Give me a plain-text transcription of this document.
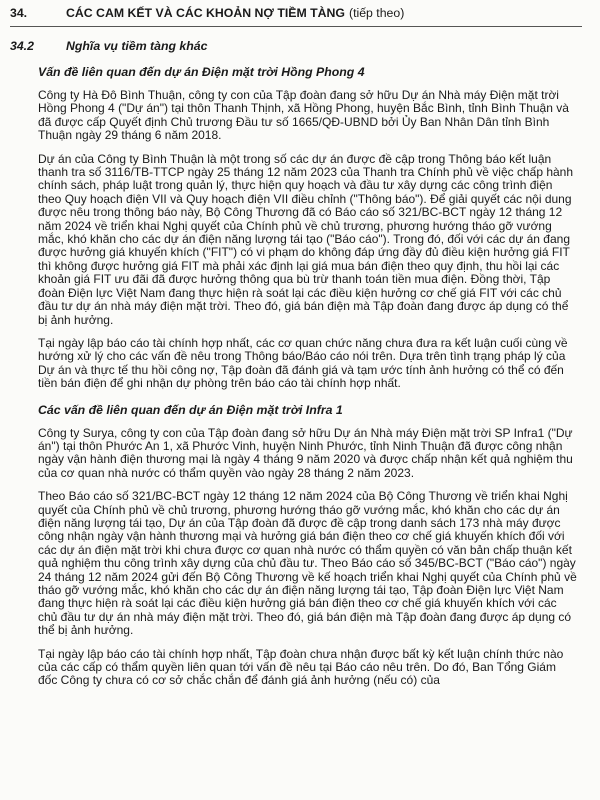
34.	CÁC CAM KẾT VÀ CÁC KHOẢN NỢ TIỀM TÀNG (tiếp theo)
34.2	Nghĩa vụ tiềm tàng khác
Vấn đề liên quan đến dự án Điện mặt trời Hồng Phong 4

Công ty Hà Đô Bình Thuận, công ty con của Tập đoàn đang sở hữu Dự án Nhà máy Điện mặt trời Hồng Phong 4 ("Dự án") tại thôn Thanh Thịnh, xã Hồng Phong, huyện Bắc Bình, tỉnh Bình Thuận và đã được cấp Quyết định Chủ trương Đầu tư số 1665/QĐ-UBND bởi Ủy Ban Nhân Dân tỉnh Bình Thuận ngày 29 tháng 6 năm 2018.

Dự án của Công ty Bình Thuận là một trong số các dự án được đề cập trong Thông báo kết luận thanh tra số 3116/TB-TTCP ngày 25 tháng 12 năm 2023 của Thanh tra Chính phủ về việc chấp hành chính sách, pháp luật trong quản lý, thực hiện quy hoạch và đầu tư xây dựng các công trình điện theo Quy hoạch điện VII và Quy hoạch điện VII điều chỉnh ("Thông báo"). Để giải quyết các nội dung được nêu trong thông báo này, Bộ Công Thương đã có Báo cáo số 321/BC-BCT ngày 12 tháng 12 năm 2024 về triển khai Nghị quyết của Chính phủ về chủ trương, phương hướng tháo gỡ vướng mắc, khó khăn cho các dự án điện năng lượng tái tạo ("Báo cáo"). Trong đó, đối với các dự án đang được hưởng giá khuyến khích ("FIT") có vi phạm do không đáp ứng đầy đủ điều kiện hưởng giá FIT thì không được hưởng giá FIT mà phải xác định lại giá mua bán điện theo quy định, thu hồi lại các khoản giá FIT ưu đãi đã được hưởng thông qua bù trừ thanh toán tiền mua điện. Đồng thời, Tập đoàn Điện lực Việt Nam đang thực hiện rà soát lại các điều kiện hưởng cơ chế giá FIT với các chủ đầu tư dự án nhà máy điện mặt trời. Theo đó, giá bán điện mà Tập đoàn đang được áp dụng có thể bị ảnh hưởng.

Tại ngày lập báo cáo tài chính hợp nhất, các cơ quan chức năng chưa đưa ra kết luận cuối cùng về hướng xử lý cho các vấn đề nêu trong Thông báo/Báo cáo nói trên. Dựa trên tình trạng pháp lý của Dự án và thực tế thu hồi công nợ, Tập đoàn đã đánh giá và tạm ước tính ảnh hưởng có thể có đến tiền bán điện để ghi nhận dự phòng trên báo cáo tài chính hợp nhất.

Các vấn đề liên quan đến dự án Điện mặt trời Infra 1

Công ty Surya, công ty con của Tập đoàn đang sở hữu Dự án Nhà máy Điện mặt trời SP Infra1 ("Dự án") tại thôn Phước An 1, xã Phước Vinh, huyện Ninh Phước, tỉnh Ninh Thuận đã được công nhận ngày vận hành điện thương mại là ngày 4 tháng 9 năm 2020 và được chấp nhận kết quả nghiệm thu của cơ quan nhà nước có thẩm quyền vào ngày 28 tháng 2 năm 2023.

Theo Báo cáo số 321/BC-BCT ngày 12 tháng 12 năm 2024 của Bộ Công Thương về triển khai Nghị quyết của Chính phủ về chủ trương, phương hướng tháo gỡ vướng mắc, khó khăn cho các dự án điện năng lượng tái tạo, Dự án của Tập đoàn đã được đề cập trong danh sách 173 nhà máy được công nhận ngày vận hành thương mại và hưởng giá bán điện theo cơ chế giá khuyến khích đối với các dự án điện mặt trời khi chưa được cơ quan nhà nước có thẩm quyền có văn bản chấp thuận kết quả nghiệm thu công trình xây dựng của chủ đầu tư. Theo Báo cáo số 345/BC-BCT ("Báo cáo") ngày 24 tháng 12 năm 2024 gửi đến Bộ Công Thương về kế hoạch triển khai Nghị quyết của Chính phủ về tháo gỡ vướng mắc, khó khăn cho các dự án điện năng lượng tái tạo, Tập đoàn Điện lực Việt Nam đang thực hiện rà soát lại các điều kiện hưởng giá bán điện theo cơ chế giá khuyến khích với các chủ đầu tư dự án nhà máy điện mặt trời. Theo đó, giá bán điện mà Tập đoàn đang được áp dụng có thể bị ảnh hưởng.

Tại ngày lập báo cáo tài chính hợp nhất, Tập đoàn chưa nhận được bất kỳ kết luận chính thức nào của các cấp có thẩm quyền liên quan tới vấn đề nêu tại Báo cáo nêu trên. Do đó, Ban Tổng Giám đốc Công ty chưa có cơ sở chắc chắn để đánh giá ảnh hưởng (nếu có) của
